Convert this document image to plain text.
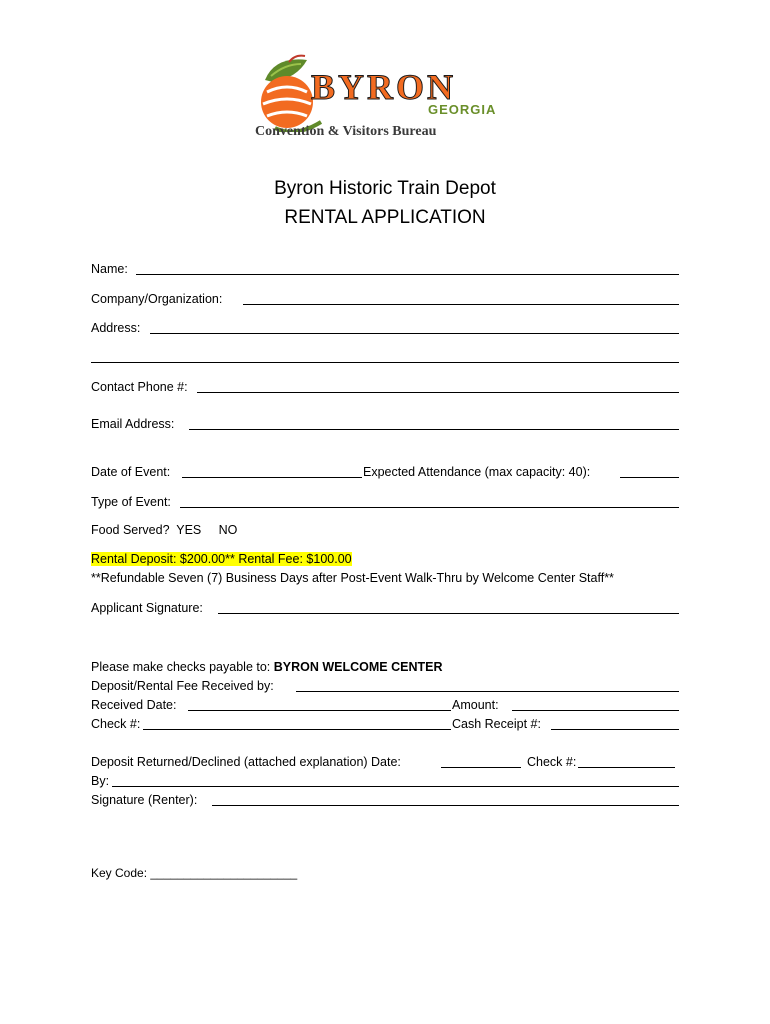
BYRON
GEORGIA
Convention & Visitors Bureau
Byron Historic Train Depot
RENTAL APPLICATION
Name:
Company/Organization:
Address:
Contact Phone #:
Email Address:
Date of Event:	Expected Attendance (max capacity: 40):
Type of Event:
Food Served?  YES     NO
Rental Deposit: $200.00** Rental Fee: $100.00
**Refundable Seven (7) Business Days after Post-Event Walk-Thru by Welcome Center Staff**
Applicant Signature:
Please make checks payable to: BYRON WELCOME CENTER
Deposit/Rental Fee Received by:
Received Date:	Amount:
Check #:	Cash Receipt #:
Deposit Returned/Declined (attached explanation) Date:	Check #:
By:
Signature (Renter):
Key Code: ______________________
